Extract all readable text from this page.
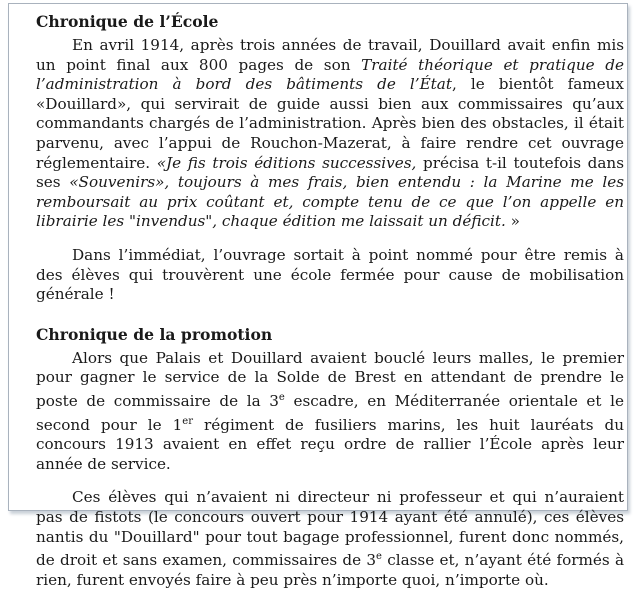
Chronique de l’École

En avril 1914, après trois années de travail, Douillard avait enfin mis un point final aux 800 pages de son Traité théorique et pratique de l’administration à bord des bâtiments de l’État, le bientôt fameux «Douillard», qui servirait de guide aussi bien aux commissaires qu’aux commandants chargés de l’administration. Après bien des obstacles, il était parvenu, avec l’appui de Rouchon-Mazerat, à faire rendre cet ouvrage réglementaire. «Je fis trois éditions successives, précisa t-il toutefois dans ses «Souvenirs», toujours à mes frais, bien entendu : la Marine me les remboursait au prix coûtant et, compte tenu de ce que l’on appelle en librairie les "invendus", chaque édition me laissait un déficit. »

Dans l’immédiat, l’ouvrage sortait à point nommé pour être remis à des élèves qui trouvèrent une école fermée pour cause de mobilisation générale !

Chronique de la promotion

Alors que Palais et Douillard avaient bouclé leurs malles, le premier pour gagner le service de la Solde de Brest en attendant de prendre le poste de commissaire de la 3e escadre, en Méditerranée orientale et le second pour le 1er régiment de fusiliers marins, les huit lauréats du concours 1913 avaient en effet reçu ordre de rallier l’École après leur année de service.

Ces élèves qui n’avaient ni directeur ni professeur et qui n’auraient pas de fistots (le concours ouvert pour 1914 ayant été annulé), ces élèves nantis du "Douillard" pour tout bagage professionnel, furent donc nommés, de droit et sans examen, commissaires de 3e classe et, n’ayant été formés à rien, furent envoyés faire à peu près n’importe quoi, n’importe où.
